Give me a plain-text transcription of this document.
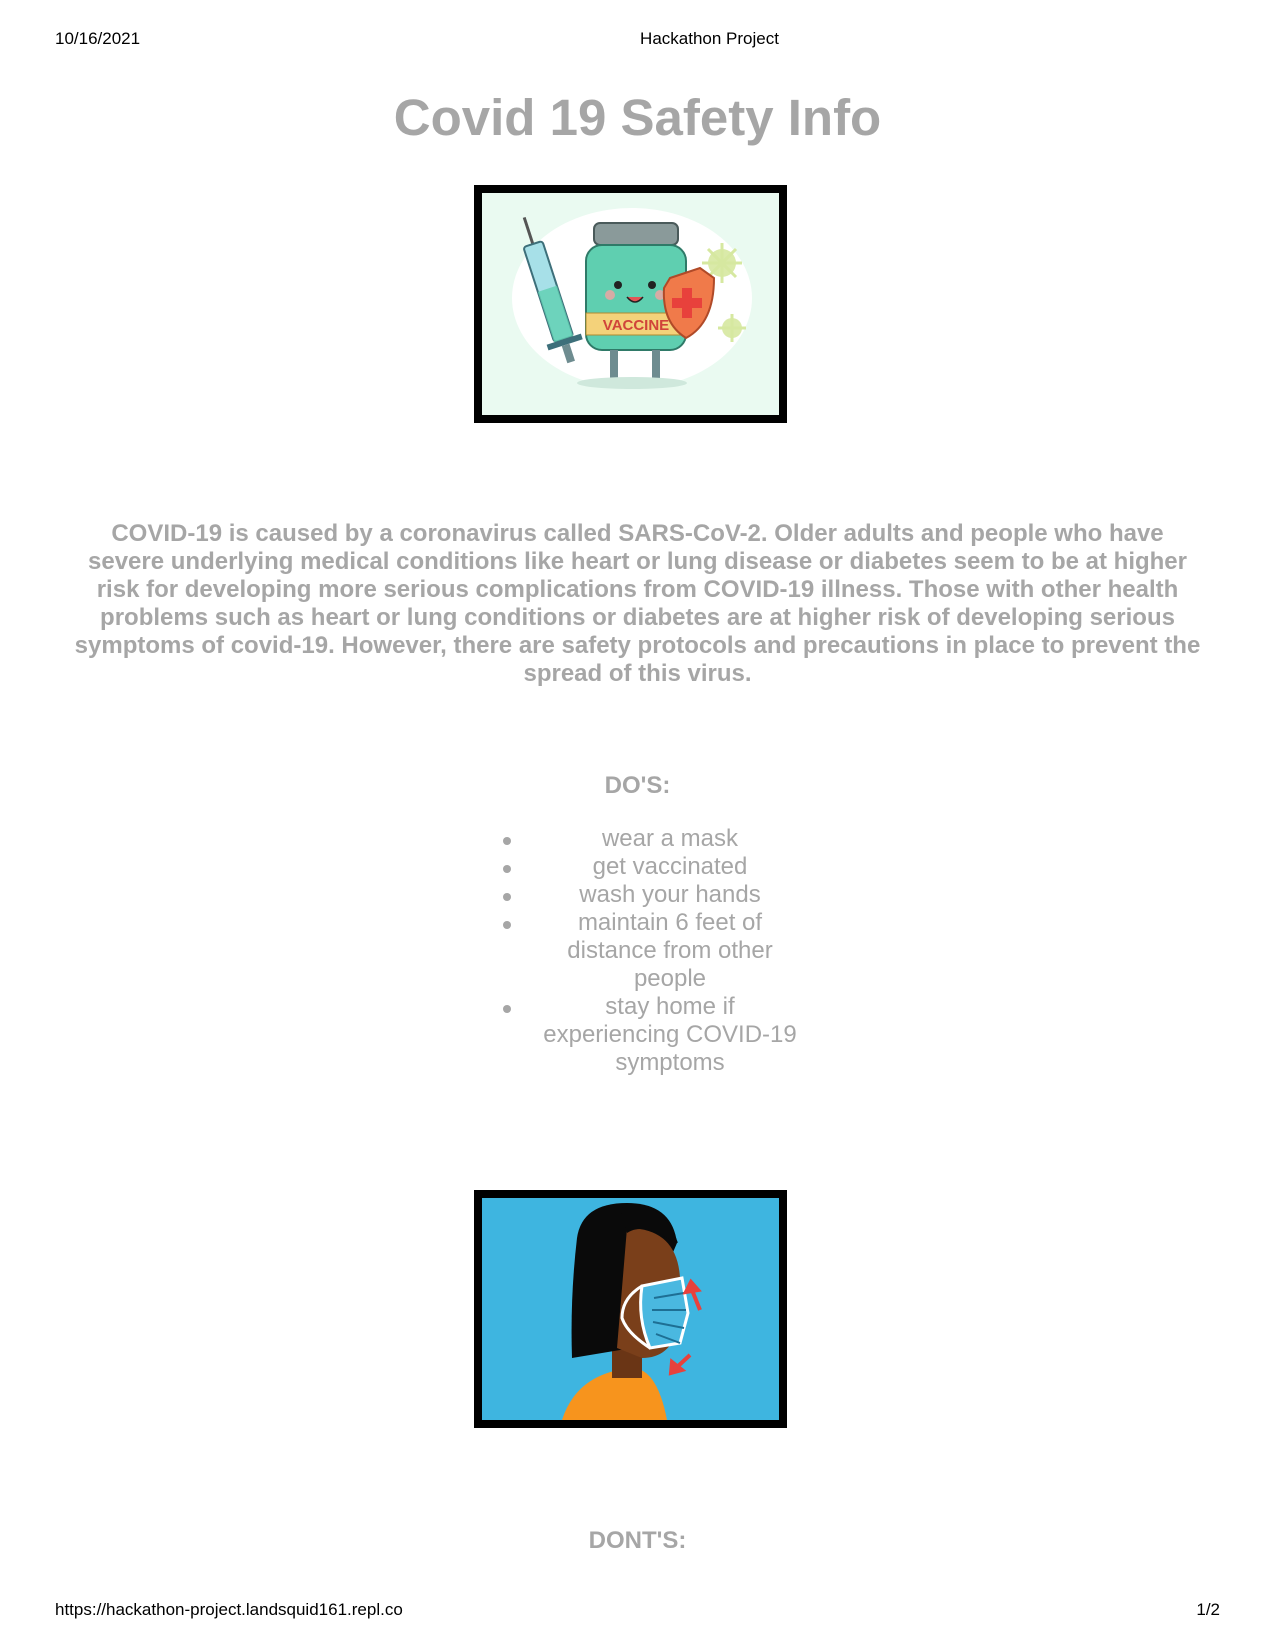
10/16/2021	Hackathon Project
Covid 19 Safety Info
VACCINE

COVID-19 is caused by a coronavirus called SARS-CoV-2. Older adults and people who have severe underlying medical conditions like heart or lung disease or diabetes seem to be at higher risk for developing more serious complications from COVID-19 illness. Those with other health problems such as heart or lung conditions or diabetes are at higher risk of developing serious symptoms of covid-19. However, there are safety protocols and precautions in place to prevent the spread of this virus.

DO'S:
wear a mask
get vaccinated
wash your hands
maintain 6 feet of distance from other people
stay home if experiencing COVID-19 symptoms
DONT'S:
https://hackathon-project.landsquid161.repl.co	1/2
